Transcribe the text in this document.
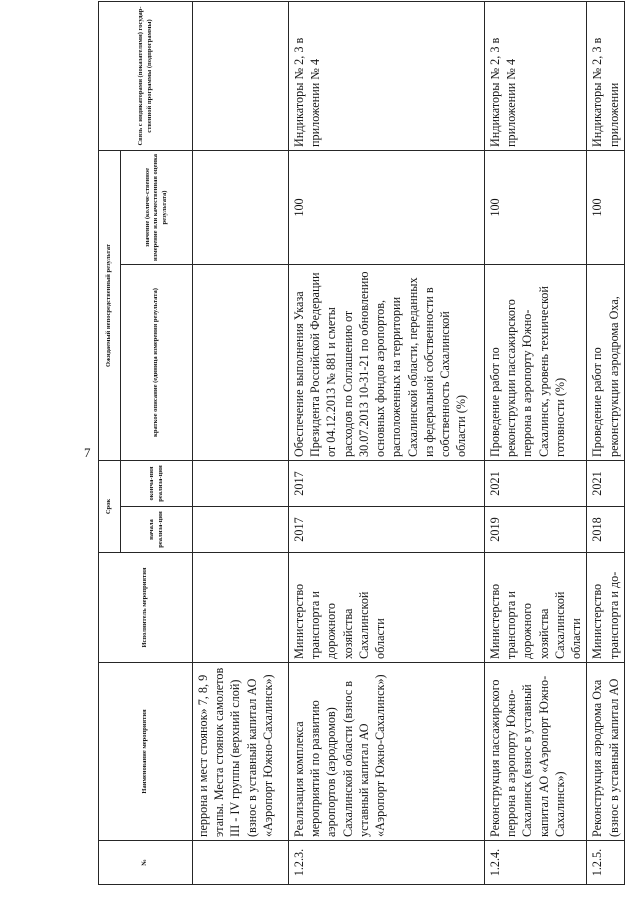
7
№	Наименование мероприятия	Исполнитель мероприятия	Срок		Ожидаемый непосредственный результат		Связь с индикаторами (показателями) государ-ственной программы (подпрограммы)
			начала реализа-ции	оконча-ния реализа-ции	краткое описание (единица измерения результата)	значение (количе-ственное измерение или качественная оценка результата)	
	перрона и мест стоянок» 7, 8, 9 этапы. Места стоянок самолетов III - IV группы (верхний слой) (взнос в уставный капитал АО «Аэропорт Южно-Сахалинск»)						
1.2.3.	Реализация комплекса мероприятий по развитию аэропортов (аэродромов) Сахалинской области (взнос в уставный капитал АО «Аэропорт Южно-Сахалинск»)	Министерство транспорта и дорожного хозяйства Сахалинской области	2017	2017	Обеспечение выполнения Указа Президента Российской Федерации от 04.12.2013 № 881 и сметы расходов по Соглашению от 30.07.2013 10-31-21 по обновлению основных фондов аэропортов, расположенных на территории Сахалинской области, переданных из федеральной собственности в собственность Сахалинской области (%)	100	Индикаторы № 2, 3 в приложении № 4
1.2.4.	Реконструкция пассажирского перрона в аэропорту Южно-Сахалинск (взнос в уставный капитал АО «Аэропорт Южно-Сахалинск»)	Министерство транспорта и дорожного хозяйства Сахалинской области	2019	2021	Проведение работ по реконструкции пассажирского перрона в аэропорту Южно-Сахалинск, уровень технической готовности (%)	100	Индикаторы № 2, 3 в приложении № 4
1.2.5.	Реконструкция аэродрома Оха (взнос в уставный капитал АО	Министерство транспорта и до-	2018	2021	Проведение работ по реконструкции аэродрома Оха,	100	Индикаторы № 2, 3 в приложении
